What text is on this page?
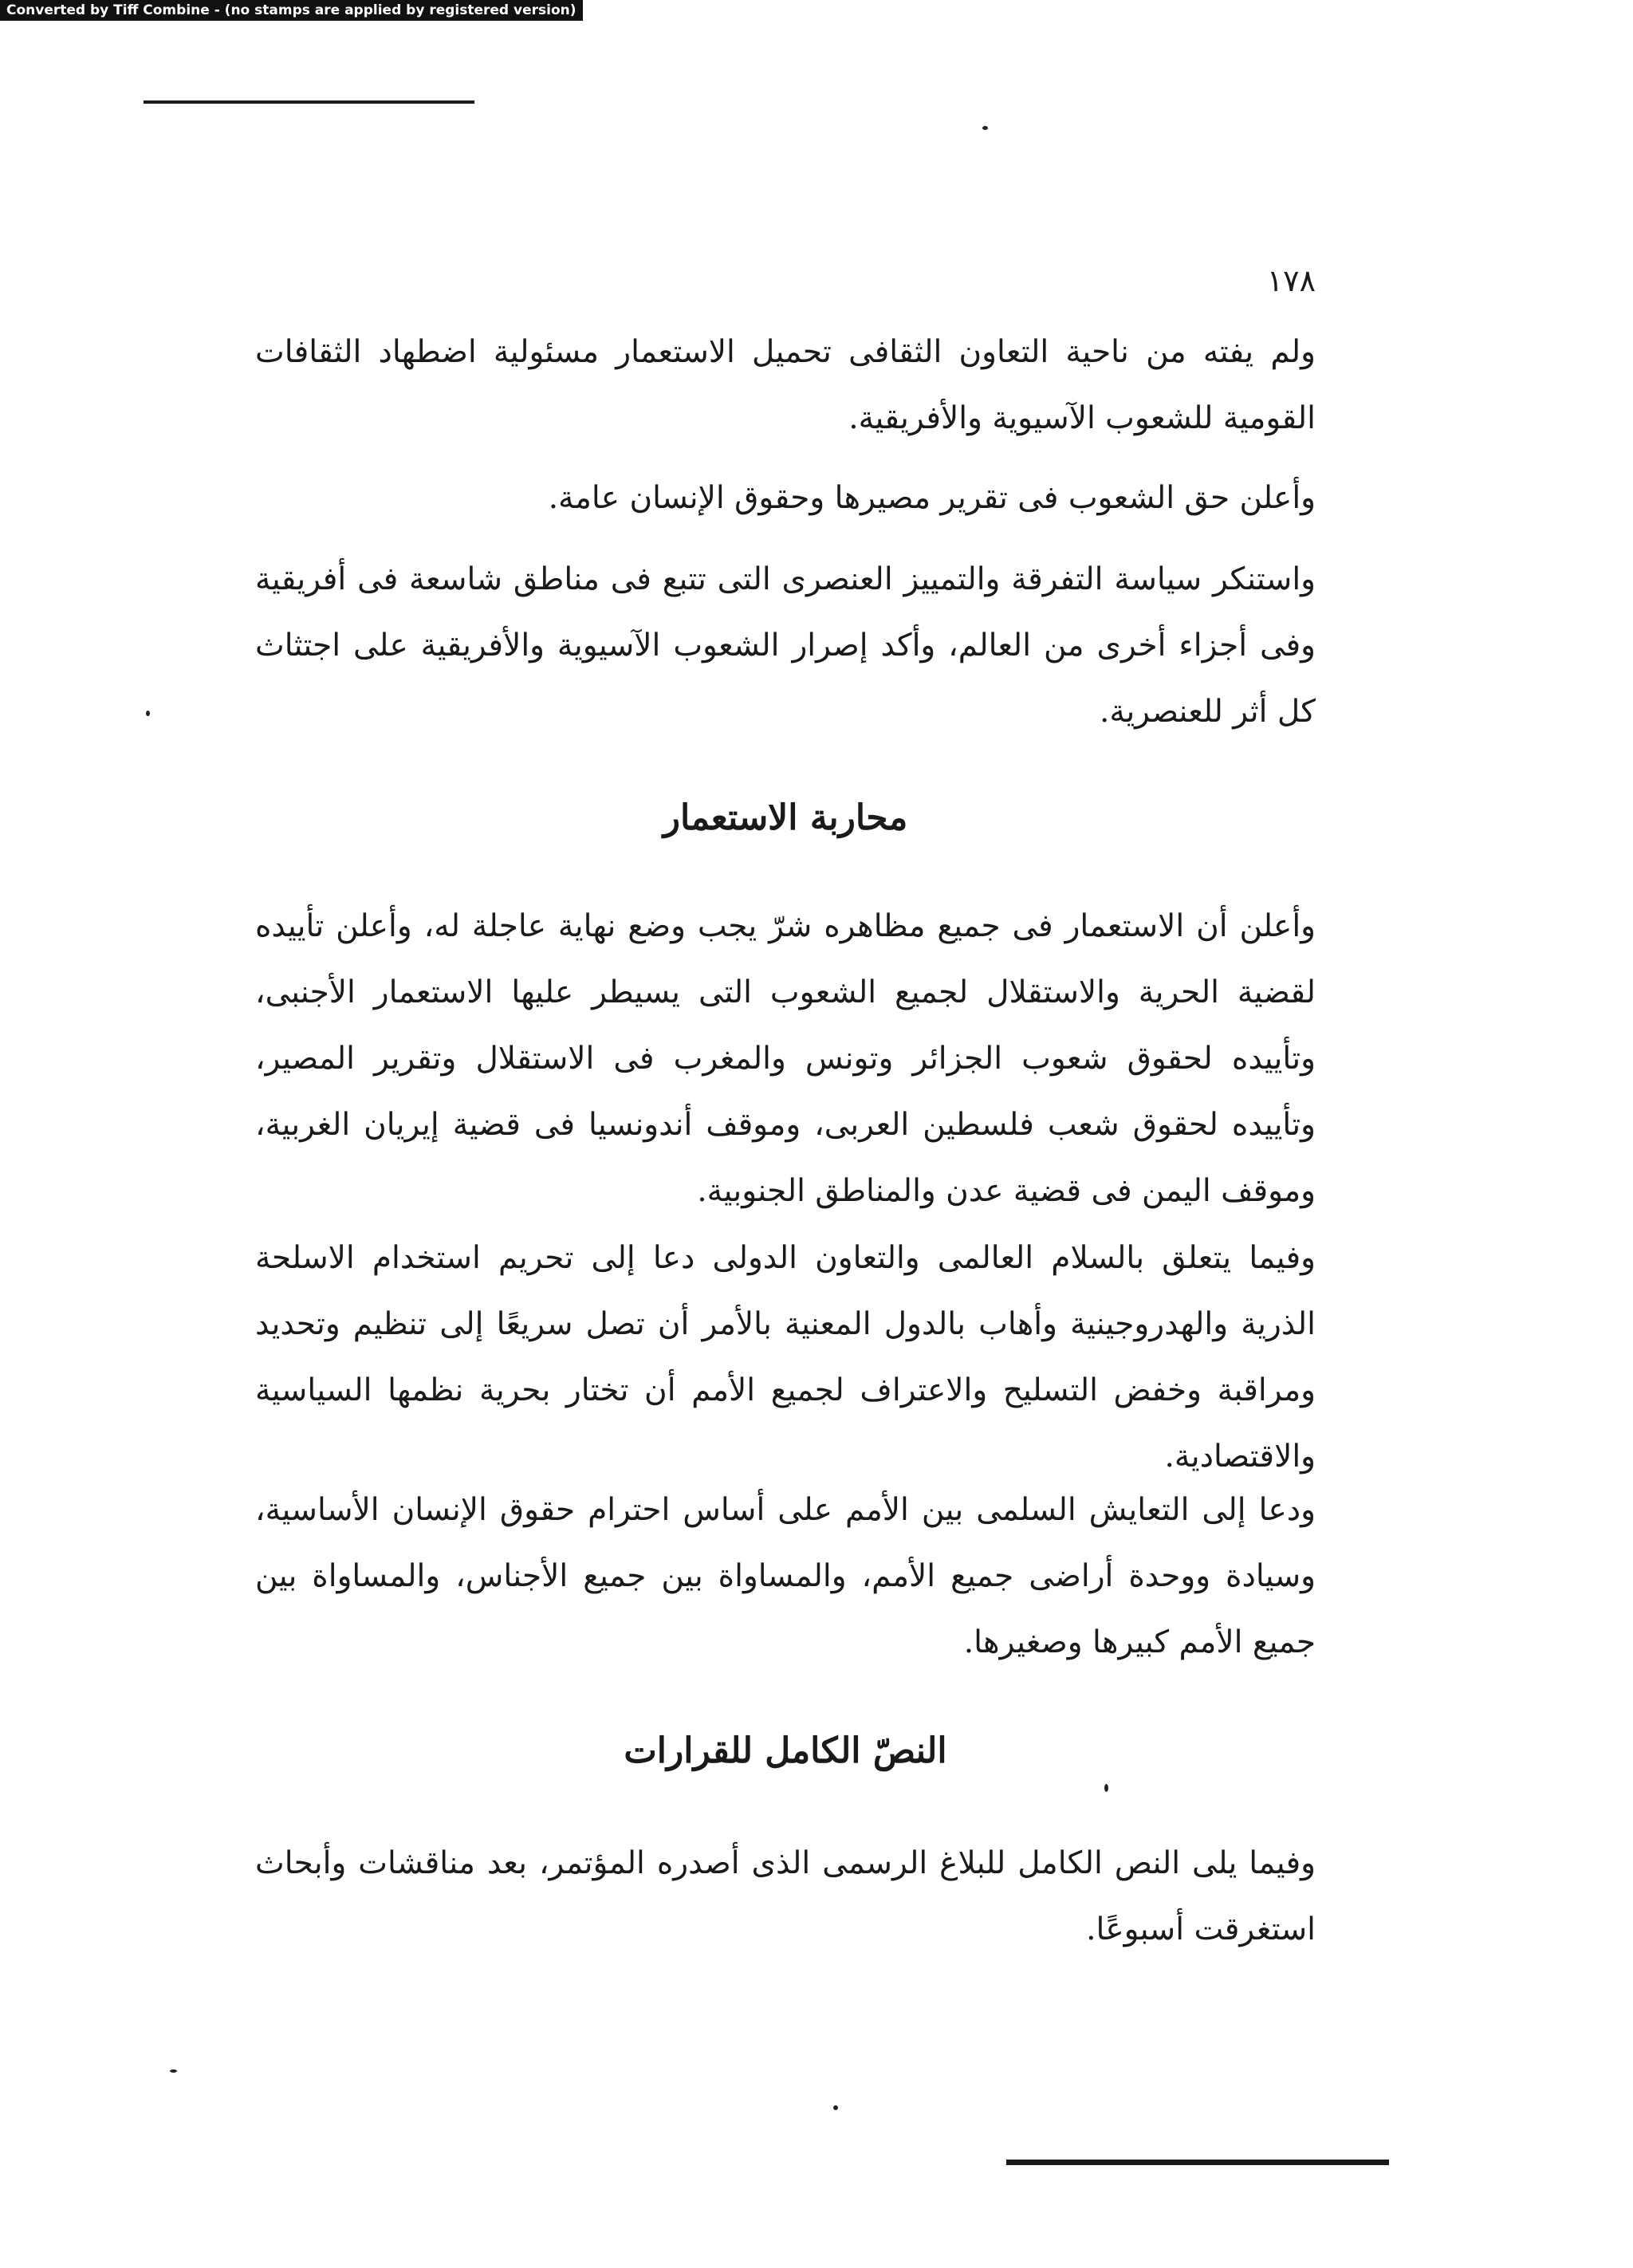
Converted by Tiff Combine - (no stamps are applied by registered version)
١٧٨

ولم يفته من ناحية التعاون الثقافى تحميل الاستعمار مسئولية اضطهاد الثقافات القومية للشعوب الآسيوية والأفريقية.

وأعلن حق الشعوب فى تقرير مصيرها وحقوق الإنسان عامة.

واستنكر سياسة التفرقة والتمييز العنصرى التى تتبع فى مناطق شاسعة فى أفريقية وفى أجزاء أخرى من العالم، وأكد إصرار الشعوب الآسيوية والأفريقية على اجتثاث كل أثر للعنصرية.

محاربة الاستعمار

وأعلن أن الاستعمار فى جميع مظاهره شرّ يجب وضع نهاية عاجلة له، وأعلن تأييده لقضية الحرية والاستقلال لجميع الشعوب التى يسيطر عليها الاستعمار الأجنبى، وتأييده لحقوق شعوب الجزائر وتونس والمغرب فى الاستقلال وتقرير المصير، وتأييده لحقوق شعب فلسطين العربى، وموقف أندونسيا فى قضية إيريان الغربية، وموقف اليمن فى قضية عدن والمناطق الجنوبية.

وفيما يتعلق بالسلام العالمى والتعاون الدولى دعا إلى تحريم استخدام الاسلحة الذرية والهدروجينية وأهاب بالدول المعنية بالأمر أن تصل سريعًا إلى تنظيم وتحديد ومراقبة وخفض التسليح والاعتراف لجميع الأمم أن تختار بحرية نظمها السياسية والاقتصادية.

ودعا إلى التعايش السلمى بين الأمم على أساس احترام حقوق الإنسان الأساسية، وسيادة ووحدة أراضى جميع الأمم، والمساواة بين جميع الأجناس، والمساواة بين جميع الأمم كبيرها وصغيرها.

النصّ الكامل للقرارات

وفيما يلى النص الكامل للبلاغ الرسمى الذى أصدره المؤتمر، بعد مناقشات وأبحاث استغرقت أسبوعًا.
